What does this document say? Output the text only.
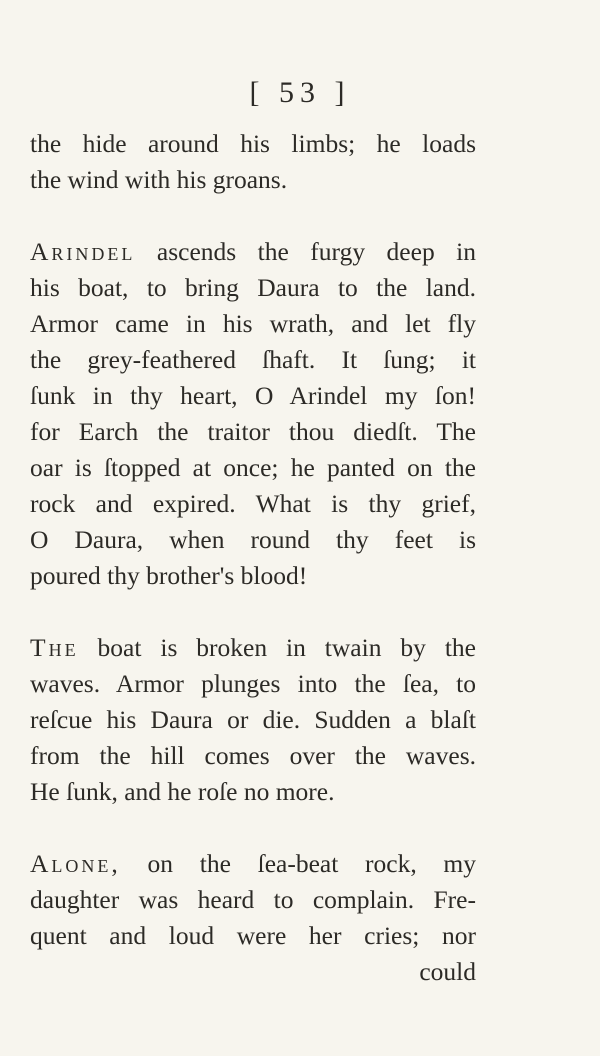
[ 53 ]
the hide around his limbs; he loads
the wind with his groans.
Arindel ascends the furgy deep in
his boat, to bring Daura to the land.
Armor came in his wrath, and let fly
the grey-feathered ſhaft. It ſung; it
ſunk in thy heart, O Arindel my ſon!
for Earch the traitor thou diedſt. The
oar is ſtopped at once; he panted on the
rock and expired. What is thy grief,
O Daura, when round thy feet is
poured thy brother's blood!
The boat is broken in twain by the
waves. Armor plunges into the ſea, to
reſcue his Daura or die. Sudden a blaſt
from the hill comes over the waves.
He ſunk, and he roſe no more.
Alone, on the ſea-beat rock, my
daughter was heard to complain. Fre-
quent and loud were her cries; nor
could
